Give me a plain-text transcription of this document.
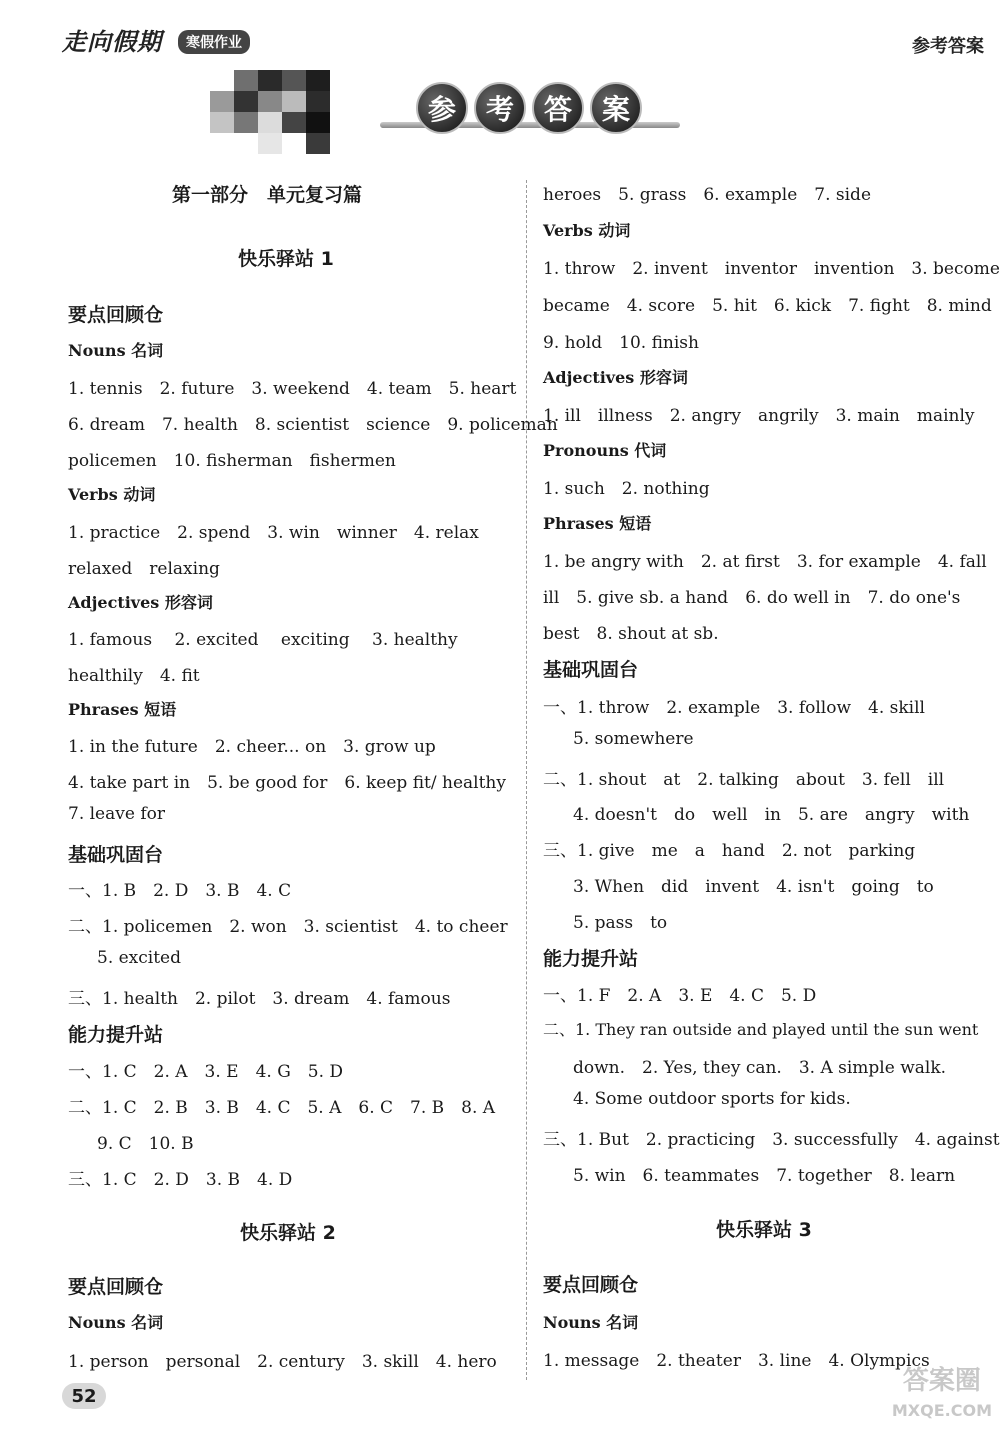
走向假期	寒假作业	参考答案
参	考	答	案
第一部分　单元复习篇
快乐驿站 1
要点回顾仓
Nouns 名词
1. tennis　2. future　3. weekend　4. team　5. heart
6. dream　7. health　8. scientist　science　9. policeman
policemen　10. fisherman　fishermen
Verbs 动词
1. practice　2. spend　3. win　winner　4. relax
relaxed　relaxing
Adjectives 形容词
1. famous　 2. excited　 exciting　 3. healthy
healthily　4. fit
Phrases 短语
1. in the future　2. cheer... on　3. grow up
4. take part in　5. be good for　6. keep fit/ healthy
7. leave for
基础巩固台
一、1. B　2. D　3. B　4. C
二、1. policemen　2. won　3. scientist　4. to cheer
5. excited
三、1. health　2. pilot　3. dream　4. famous
能力提升站
一、1. C　2. A　3. E　4. G　5. D
二、1. C　2. B　3. B　4. C　5. A　6. C　7. B　8. A
9. C　10. B
三、1. C　2. D　3. B　4. D
快乐驿站 2
要点回顾仓
Nouns 名词
1. person　personal　2. century　3. skill　4. hero
heroes　5. grass　6. example　7. side
Verbs 动词
1. throw　2. invent　inventor　invention　3. become
became　4. score　5. hit　6. kick　7. fight　8. mind
9. hold　10. finish
Adjectives 形容词
1. ill　illness　2. angry　angrily　3. main　mainly
Pronouns 代词
1. such　2. nothing
Phrases 短语
1. be angry with　2. at first　3. for example　4. fall
ill　5. give sb. a hand　6. do well in　7. do one's
best　8. shout at sb.
基础巩固台
一、1. throw　2. example　3. follow　4. skill
5. somewhere
二、1. shout　at　2. talking　about　3. fell　ill
4. doesn't　do　well　in　5. are　angry　with
三、1. give　me　a　hand　2. not　parking
3. When　did　invent　4. isn't　going　to
5. pass　to
能力提升站
一、1. F　2. A　3. E　4. C　5. D
二、1. They ran outside and played until the sun went
down.　2. Yes, they can.　3. A simple walk.
4. Some outdoor sports for kids.
三、1. But　2. practicing　3. successfully　4. against
5. win　6. teammates　7. together　8. learn
快乐驿站 3
要点回顾仓
Nouns 名词
1. message　2. theater　3. line　4. Olympics
52	答案圈
MXQE.COM
